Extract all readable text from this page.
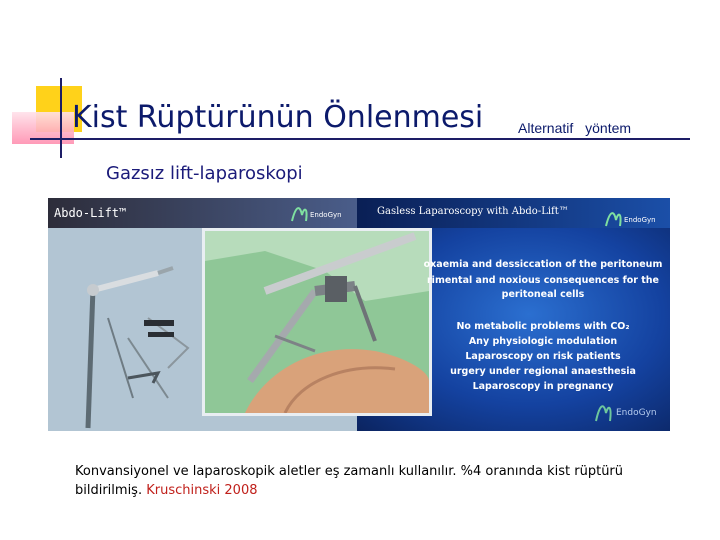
Kist Rüptürünün Önlenmesi Alternatif yöntem
Gazsız lift-laparoskopi
Abdo-Lift™	EndoGyn	Gasless Laparoscopy with Abdo-Lift™
EndoGyn
EndoGyn
oxaemia and dessiccation of the peritoneum
rimental and noxious consequences for the
peritoneal cells
No metabolic problems with CO₂
Any physiologic modulation
Laparoscopy on risk patients
urgery under regional anaesthesia
Laparoscopy in pregnancy
Konvansiyonel ve laparoskopik aletler eş zamanlı kullanılır. %4 oranında kist rüptürü bildirilmiş. Kruschinski 2008
